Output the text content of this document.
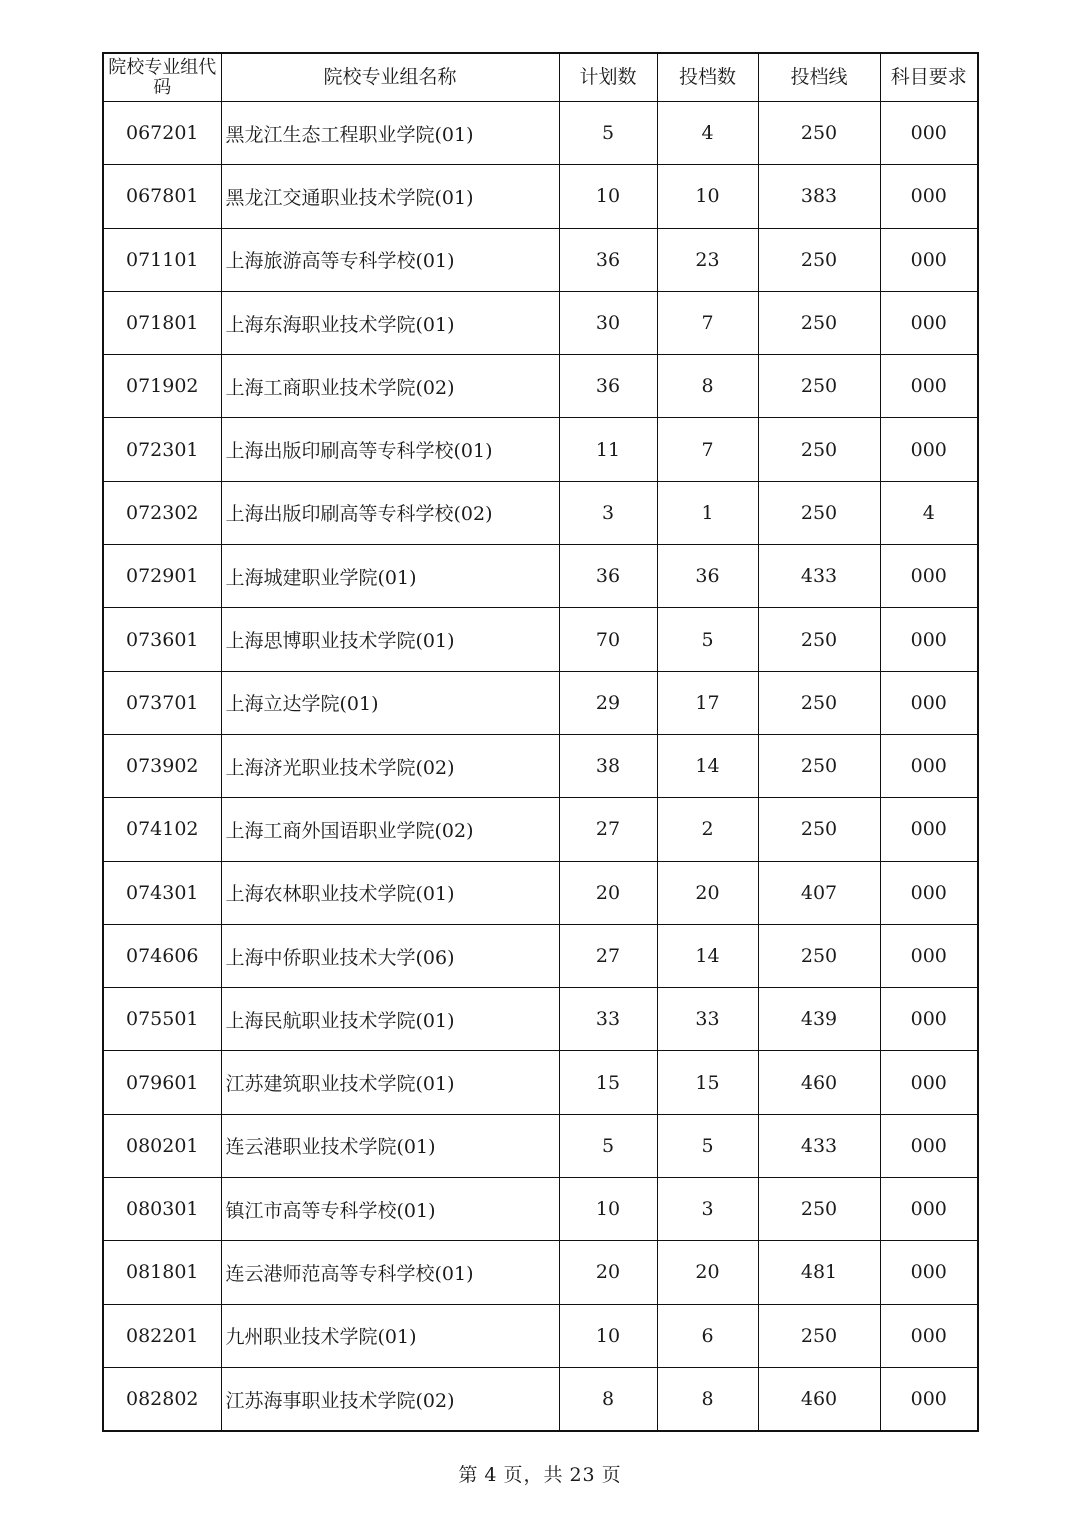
院校专业组代码	院校专业组名称	计划数	投档数	投档线	科目要求
067201	黑龙江生态工程职业学院(01)	5	4	250	000
067801	黑龙江交通职业技术学院(01)	10	10	383	000
071101	上海旅游高等专科学校(01)	36	23	250	000
071801	上海东海职业技术学院(01)	30	7	250	000
071902	上海工商职业技术学院(02)	36	8	250	000
072301	上海出版印刷高等专科学校(01)	11	7	250	000
072302	上海出版印刷高等专科学校(02)	3	1	250	4
072901	上海城建职业学院(01)	36	36	433	000
073601	上海思博职业技术学院(01)	70	5	250	000
073701	上海立达学院(01)	29	17	250	000
073902	上海济光职业技术学院(02)	38	14	250	000
074102	上海工商外国语职业学院(02)	27	2	250	000
074301	上海农林职业技术学院(01)	20	20	407	000
074606	上海中侨职业技术大学(06)	27	14	250	000
075501	上海民航职业技术学院(01)	33	33	439	000
079601	江苏建筑职业技术学院(01)	15	15	460	000
080201	连云港职业技术学院(01)	5	5	433	000
080301	镇江市高等专科学校(01)	10	3	250	000
081801	连云港师范高等专科学校(01)	20	20	481	000
082201	九州职业技术学院(01)	10	6	250	000
082802	江苏海事职业技术学院(02)	8	8	460	000
第 4 页，共 23 页
